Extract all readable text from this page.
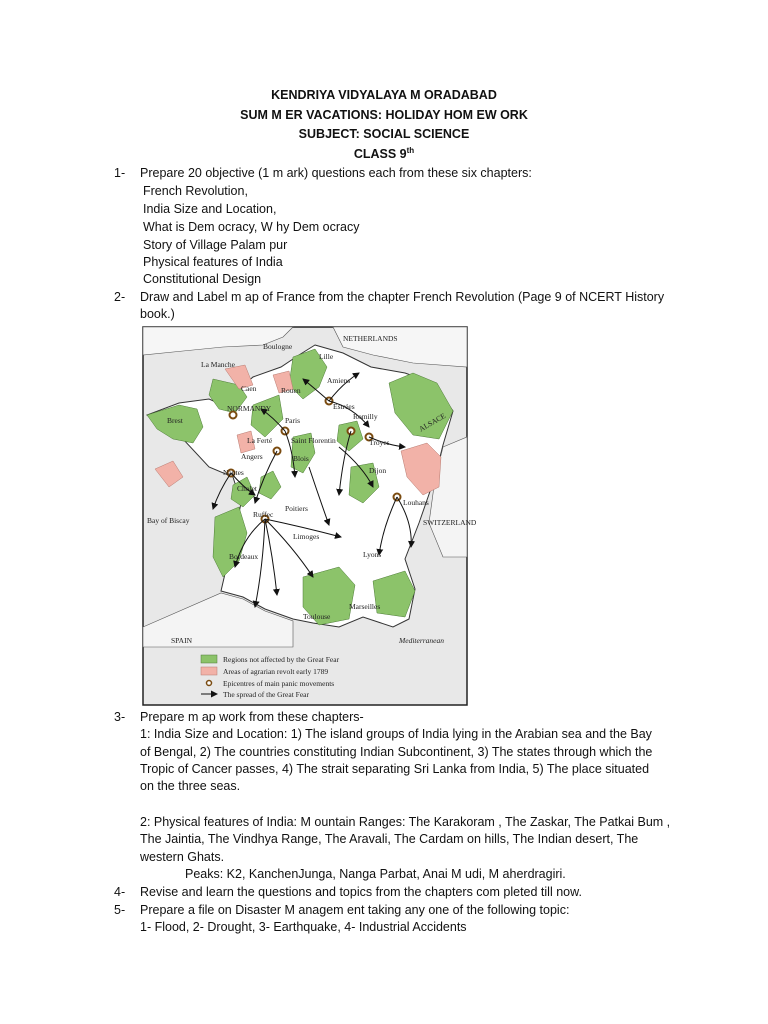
KENDRIYA VIDYALAYA M ORADABAD
SUM M ER VACATIONS: HOLIDAY HOM EW ORK
SUBJECT: SOCIAL SCIENCE
CLASS 9th
1- Prepare 20 objective (1 m ark) questions each from these six chapters:
French Revolution,
India Size and Location,
What is Dem ocracy, W hy Dem ocracy
Story of Village Palam pur
Physical features of India
Constitutional Design
2- Draw and Label m ap of France from the chapter French Revolution (Page 9 of NCERT History
book.)
NETHERLANDS
Boulogne
Lille
La Manche
Amiens
Caen	Rouen
NORMANDY	Estrées
Brest	Paris	Romilly	ALSACE
La Ferté	Saint Florentin	Troyes
Angers	Blois
Nantes
Cholet
Dijon
Louhans
Poitiers
Bay of Biscay
Ruffec
SWITZERLAND
Limoges
Bordeaux	Lyons
Marseilles
Toulouse
SPAIN	Mediterranean
Regions not affected by the Great Fear
Areas of agrarian revolt early 1789
Epicentres of main panic movements
The spread of the Great Fear
3- Prepare m ap work from these chapters-
1: India Size and Location: 1) The island groups of India lying in the Arabian sea and the Bay
of Bengal, 2) The countries constituting Indian Subcontinent, 3) The states through which the
Tropic of Cancer passes, 4) The strait separating Sri Lanka from India, 5) The place situated
on the three seas.
2: Physical features of India: M ountain Ranges: The Karakoram , The Zaskar, The Patkai Bum ,
The Jaintia, The Vindhya Range, The Aravali, The Cardam on hills, The Indian desert, The
western Ghats.
Peaks: K2, KanchenJunga, Nanga Parbat, Anai M udi, M aherdragiri.
4- Revise and learn the questions and topics from the chapters com pleted till now.
5- Prepare a file on Disaster M anagem ent taking any one of the following topic:
1- Flood, 2- Drought, 3- Earthquake, 4- Industrial Accidents
